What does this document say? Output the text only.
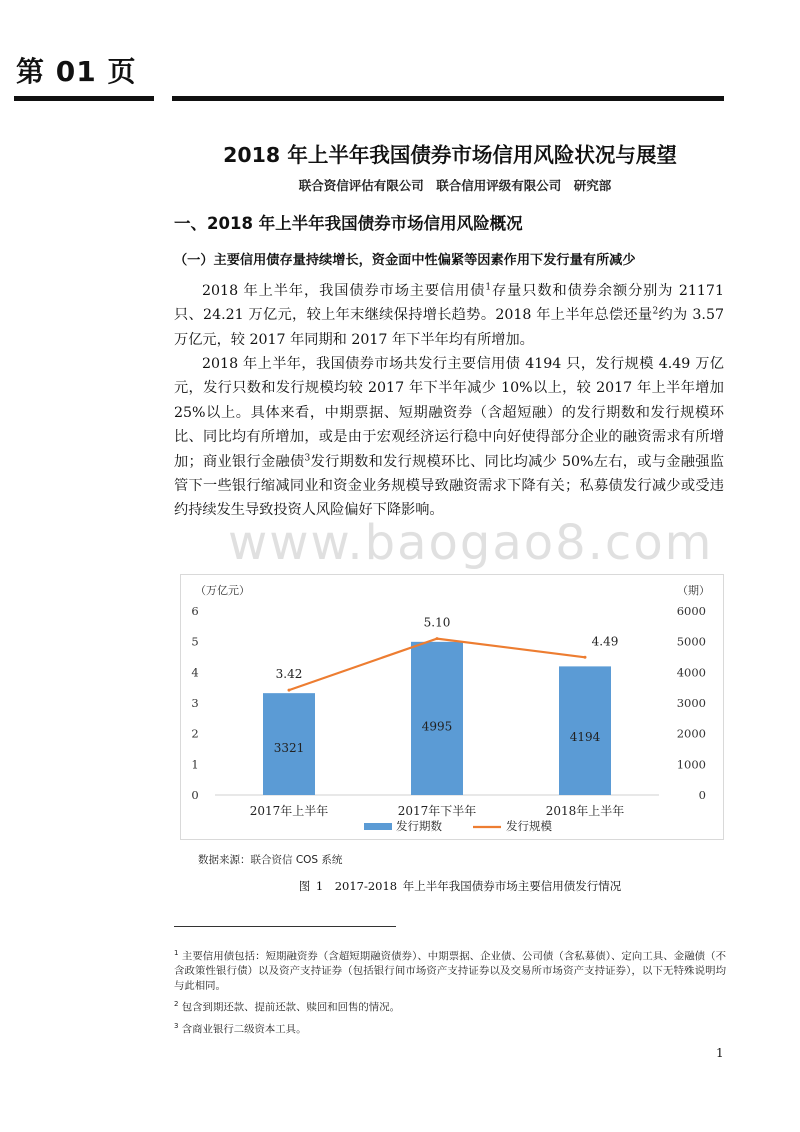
第 01 页
2018 年上半年我国债券市场信用风险状况与展望
联合资信评估有限公司　联合信用评级有限公司　研究部
一、2018 年上半年我国债券市场信用风险概况
（一）主要信用债存量持续增长，资金面中性偏紧等因素作用下发行量有所减少

2018 年上半年，我国债券市场主要信用债$^1$存量只数和债券余额分别为 21171 只、24.21 万亿元，较上年末继续保持增长趋势。2018 年上半年总偿还量$^2$约为 3.57 万亿元，较 2017 年同期和 2017 年下半年均有所增加。

2018 年上半年，我国债券市场共发行主要信用债 4194 只，发行规模 4.49 万亿元，发行只数和发行规模均较 2017 年下半年减少 10%以上，较 2017 年上半年增加 25%以上。具体来看，中期票据、短期融资券（含超短融）的发行期数和发行规模环比、同比均有所增加，或是由于宏观经济运行稳中向好使得部分企业的融资需求有所增加；商业银行金融债$^3$发行期数和发行规模环比、同比均减少 50%左右，或与金融强监管下一些银行缩减同业和资金业务规模导致融资需求下降有关；私募债发行减少或受违约持续发生导致投资人风险偏好下降影响。

www.baogao8.com
（万亿元）	（期）
0
1
2
3
4
5
6
0
1000
2000
3000
4000
5000
6000
3321
4995
4194
3.42
5.10
4.49
2017年上半年	2017年下半年	2018年上半年
发行期数	发行规模
数据来源：联合资信 COS 系统
图 1　2017-2018 年上半年我国债券市场主要信用债发行情况

$^1$ 主要信用债包括：短期融资券（含超短期融资债券）、中期票据、企业债、公司债（含私募债）、定向工具、金融债（不含政策性银行债）以及资产支持证券（包括银行间市场资产支持证券以及交易所市场资产支持证券），以下无特殊说明均与此相同。

$^2$ 包含到期还款、提前还款、赎回和回售的情况。

$^3$ 含商业银行二级资本工具。

1
